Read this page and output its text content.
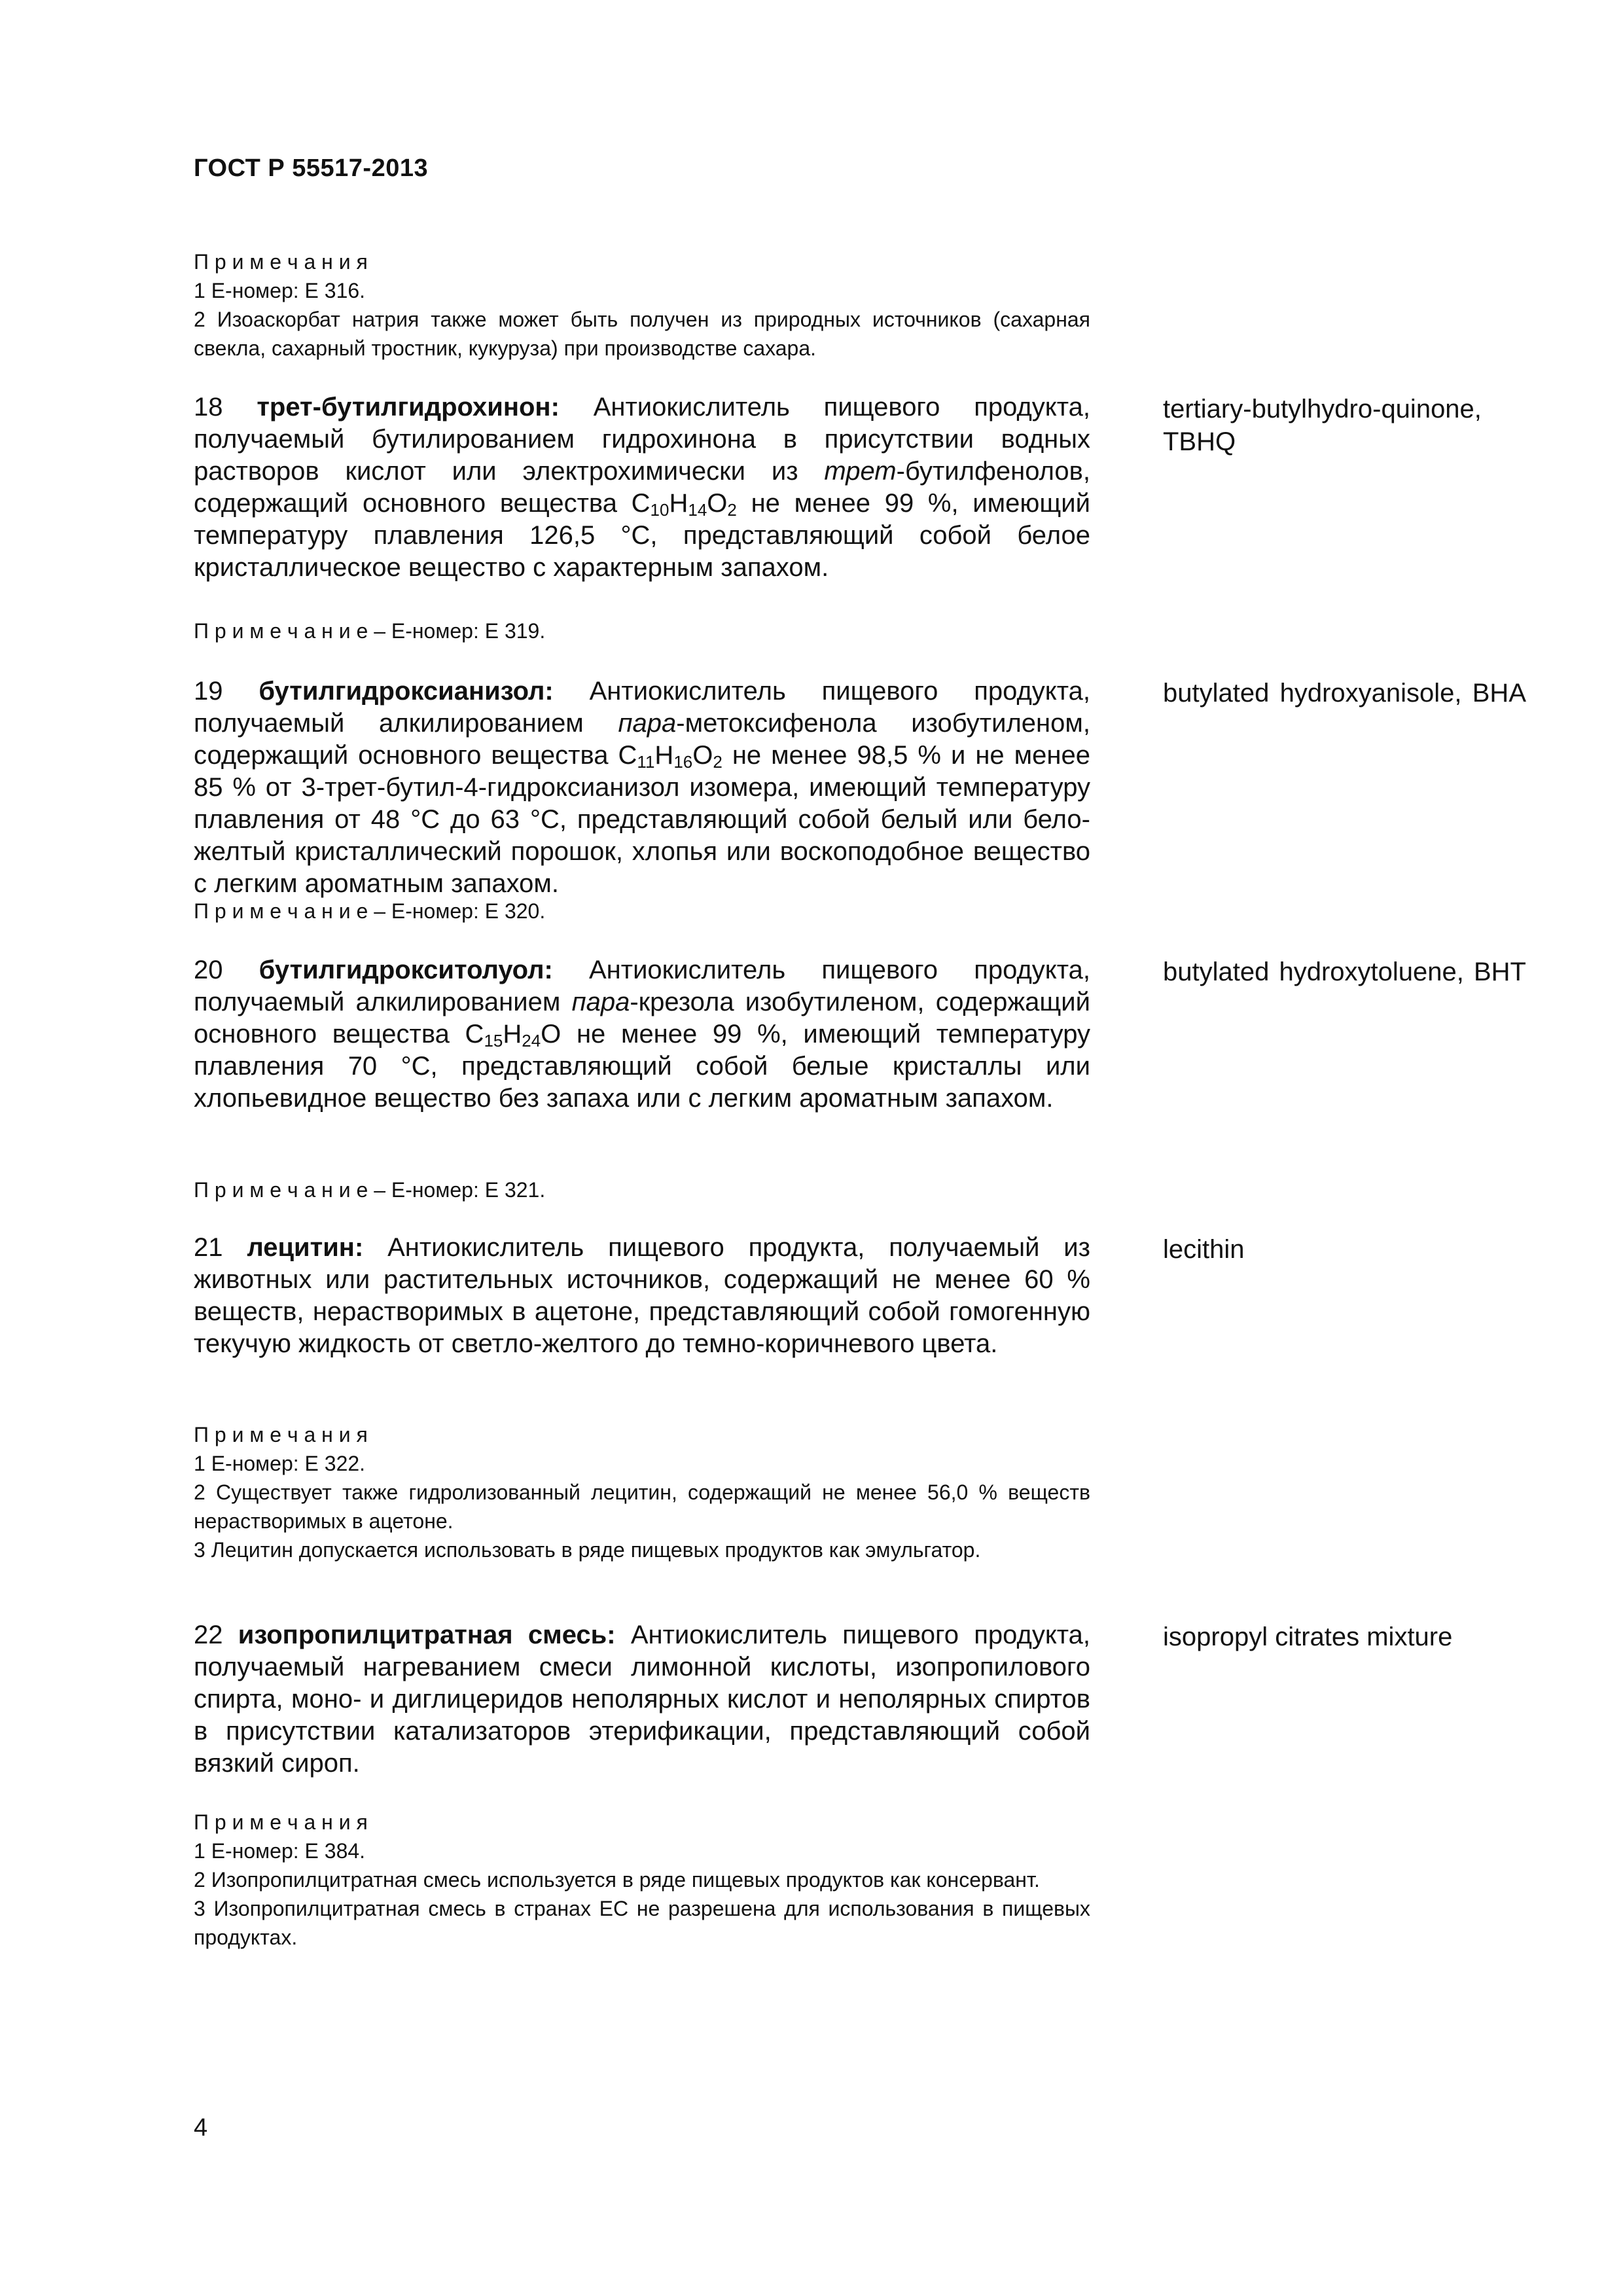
ГОСТ Р 55517-2013
П р и м е ч а н и я
1 Е-номер: Е 316.
2 Изоаскорбат натрия также может быть получен из природных источников (сахарная свекла, сахарный тростник, кукуруза) при производстве сахара.
18 трет-бутилгидрохинон: Антиокислитель пищевого продукта, получаемый бутилированием гидрохинона в присутствии водных растворов кислот или электрохимически из трет-бутилфенолов, содержащий основного вещества $C_{10}H_{14}O_2$ не менее 99 %, имеющий температуру плавления 126,5 °С, представляющий собой белое кристаллическое вещество с характерным запахом.
tertiary-butylhydro-quinone, TBHQ
П р и м е ч а н и е – Е-номер: Е 319.
19 бутилгидроксианизол: Антиокислитель пищевого продукта, получаемый алкилированием пара-метоксифенола изобутиленом, содержащий основного вещества $C_{11}H_{16}O_2$ не менее 98,5 % и не менее 85 % от 3-трет-бутил-4-гидроксианизол изомера, имеющий температуру плавления от 48 °С до 63 °С, представляющий собой белый или бело-желтый кристаллический порошок, хлопья или воскоподобное вещество с легким ароматным запахом.
butylated hydroxyanisole, BHA
П р и м е ч а н и е – Е-номер: Е 320.
20 бутилгидрокситолуол: Антиокислитель пищевого продукта, получаемый алкилированием пара-крезола изобутиленом, содержащий основного вещества $C_{15}H_{24}O$ не менее 99 %, имеющий температуру плавления 70 °С, представляющий собой белые кристаллы или хлопьевидное вещество без запаха или с легким ароматным запахом.
butylated hydroxytoluene, BHT
П р и м е ч а н и е – Е-номер: Е 321.
21 лецитин: Антиокислитель пищевого продукта, получаемый из животных или растительных источников, содержащий не менее 60 % веществ, нерастворимых в ацетоне, представляющий собой гомогенную текучую жидкость от светло-желтого до темно-коричневого цвета.
lecithin
П р и м е ч а н и я
1 Е-номер: Е 322.
2 Существует также гидролизованный лецитин, содержащий не менее 56,0 % веществ нерастворимых в ацетоне.
3 Лецитин допускается использовать в ряде пищевых продуктов как эмульгатор.
22 изопропилцитратная смесь: Антиокислитель пищевого продукта, получаемый нагреванием смеси лимонной кислоты, изопропилового спирта, моно- и диглицеридов неполярных кислот и неполярных спиртов в присутствии катализаторов этерификации, представляющий собой вязкий сироп.
isopropyl citrates mixture
П р и м е ч а н и я
1 Е-номер: Е 384.
2 Изопропилцитратная смесь используется в ряде пищевых продуктов как консервант.
3 Изопропилцитратная смесь в странах ЕС не разрешена для использования в пищевых продуктах.
4
